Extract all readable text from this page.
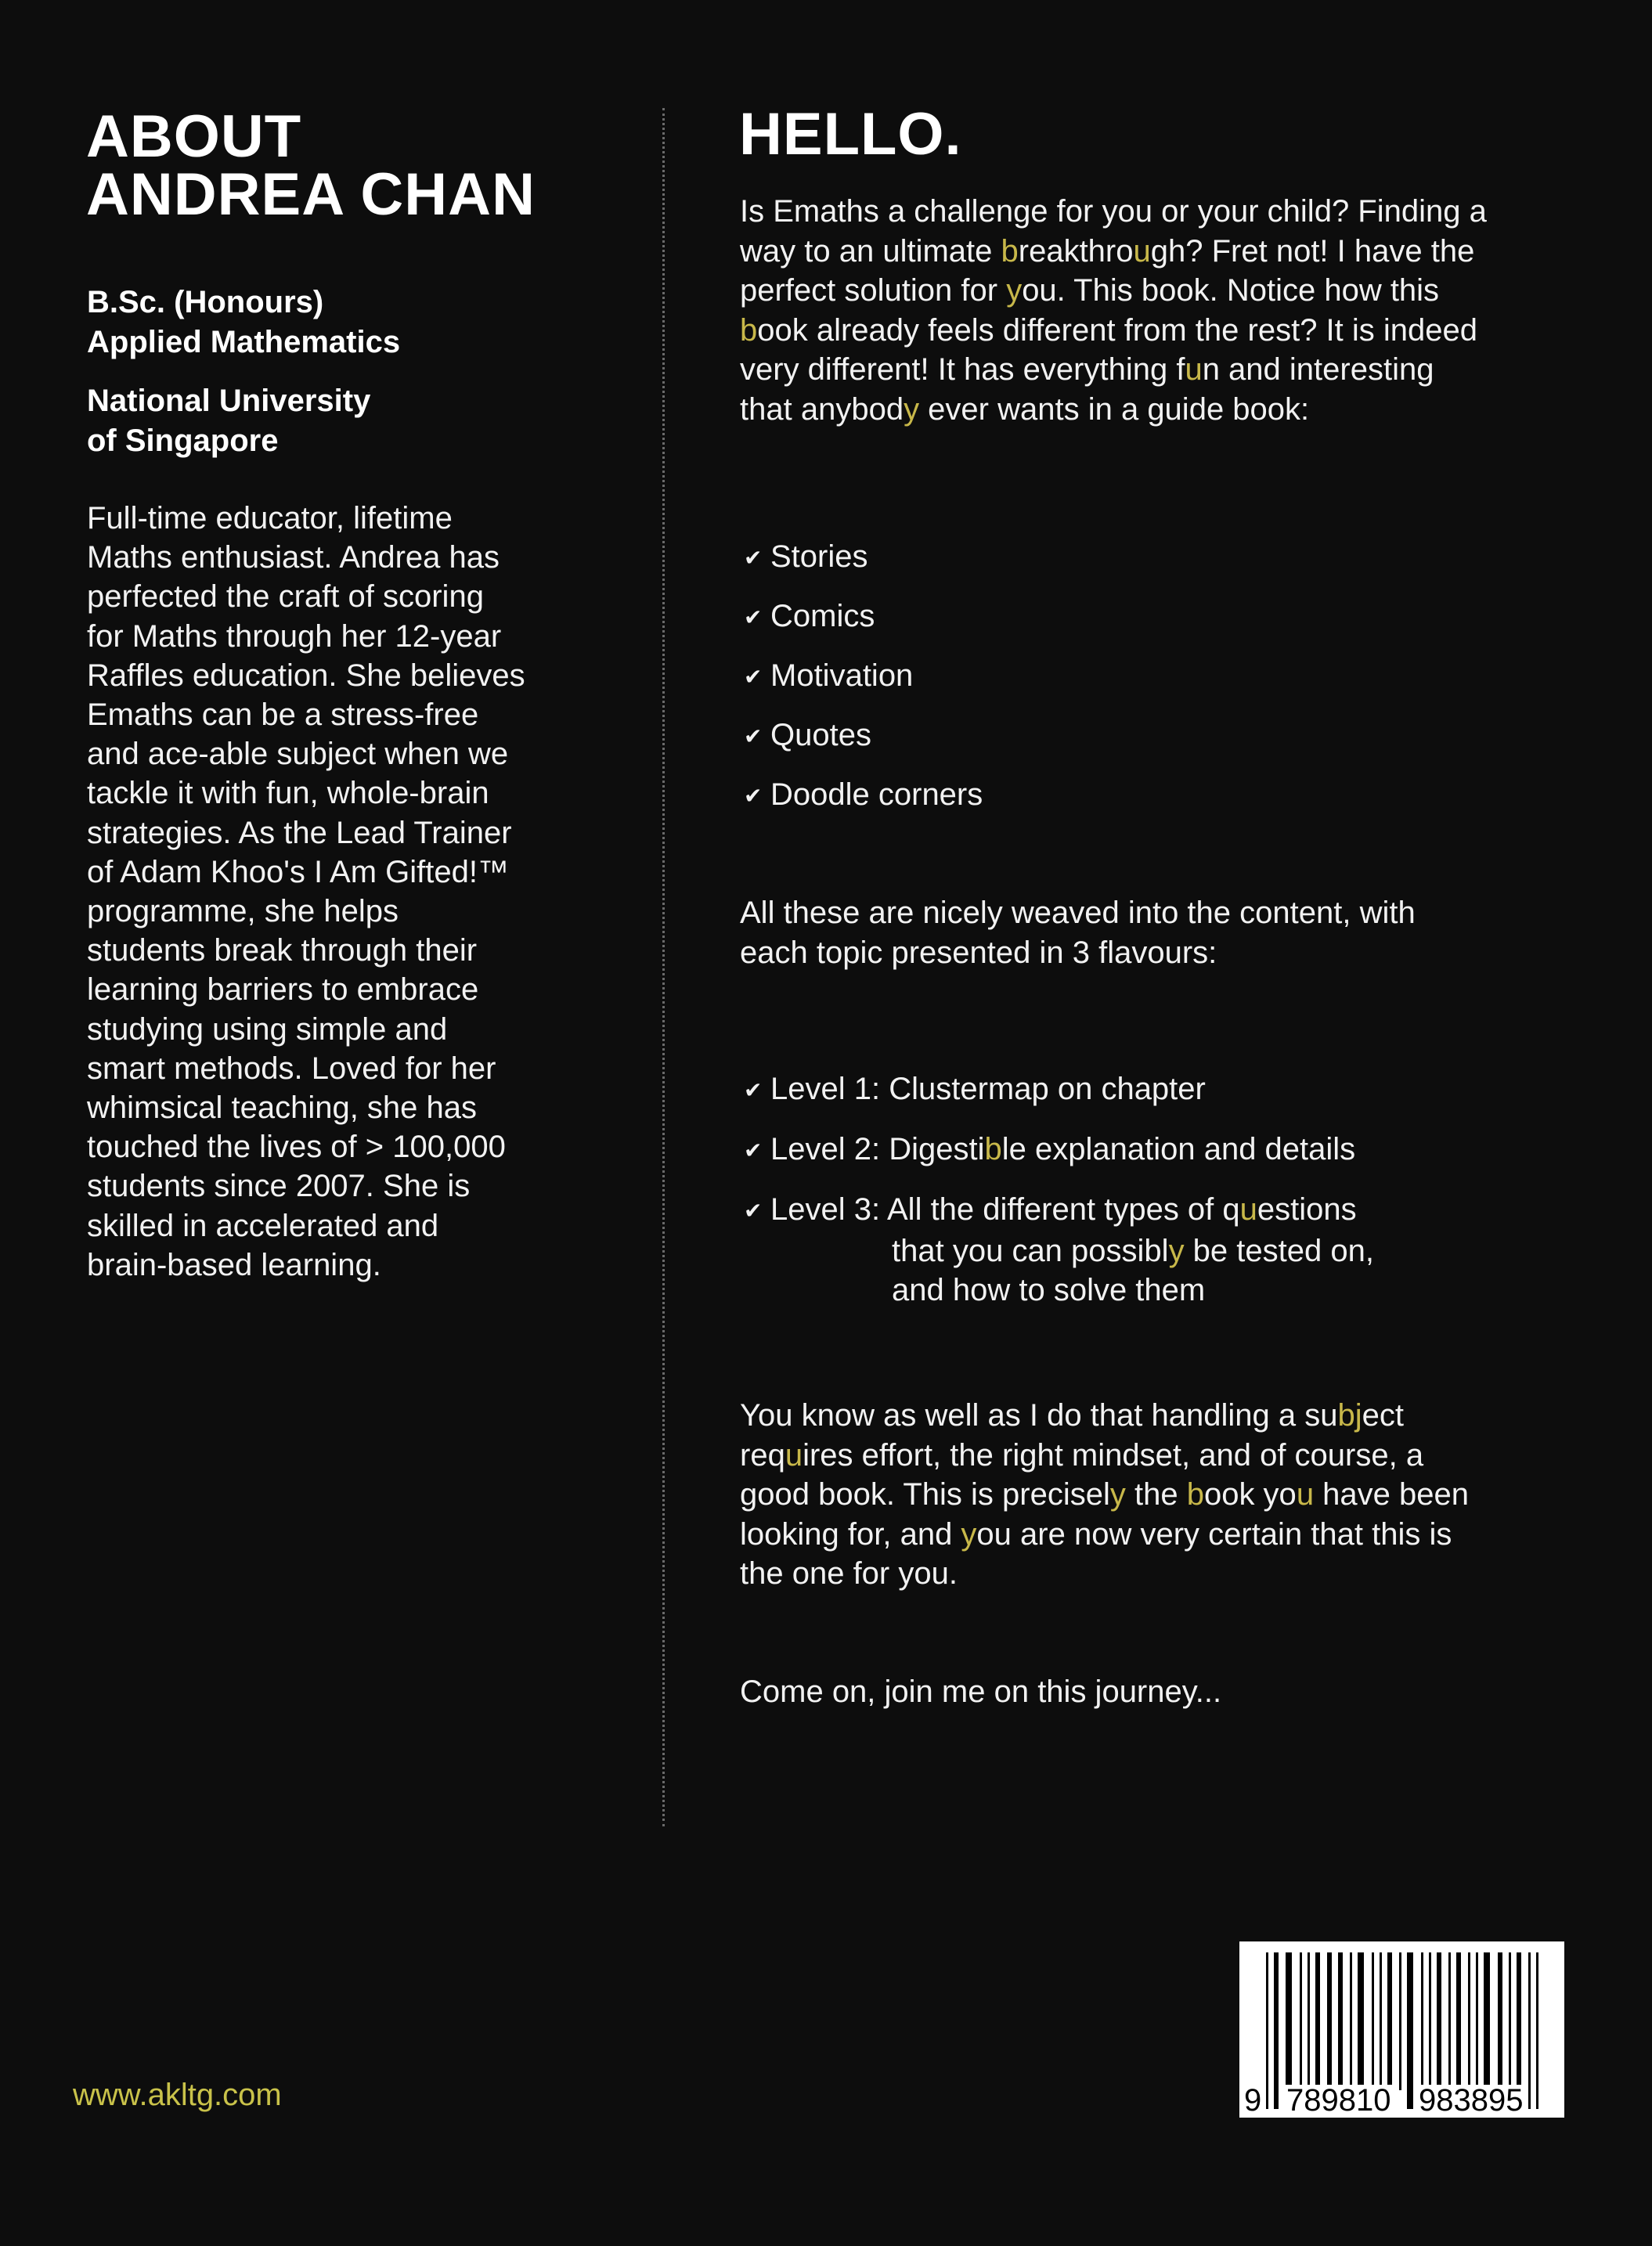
ABOUT
ANDREA CHAN
B.Sc. (Honours)
Applied Mathematics
National University
of Singapore
Full-time educator, lifetime
Maths enthusiast. Andrea has
perfected the craft of scoring
for Maths through her 12-year
Raffles education. She believes
Emaths can be a stress-free
and ace-able subject when we
tackle it with fun, whole-brain
strategies. As the Lead Trainer
of Adam Khoo's I Am Gifted!™
programme, she helps
students break through their
learning barriers to embrace
studying using simple and
smart methods. Loved for her
whimsical teaching, she has
touched the lives of > 100,000
students since 2007. She is
skilled in accelerated and
brain-based learning.
www.akltg.com
HELLO.
Is Emaths a challenge for you or your child? Finding a
way to an ultimate breakthrough? Fret not! I have the
perfect solution for you. This book. Notice how this
book already feels different from the rest? It is indeed
very different! It has everything fun and interesting
that anybody ever wants in a guide book:
✔ Stories
✔ Comics
✔ Motivation
✔ Quotes
✔ Doodle corners
All these are nicely weaved into the content, with
each topic presented in 3 flavours:
✔ Level 1: Clustermap on chapter
✔ Level 2: Digestible explanation and details
✔ Level 3: All the different types of questions
that you can possibly be tested on,
and how to solve them
You know as well as I do that handling a subject
requires effort, the right mindset, and of course, a
good book. This is precisely the book you have been
looking for, and you are now very certain that this is
the one for you.
Come on, join me on this journey...
9 789810 983895
